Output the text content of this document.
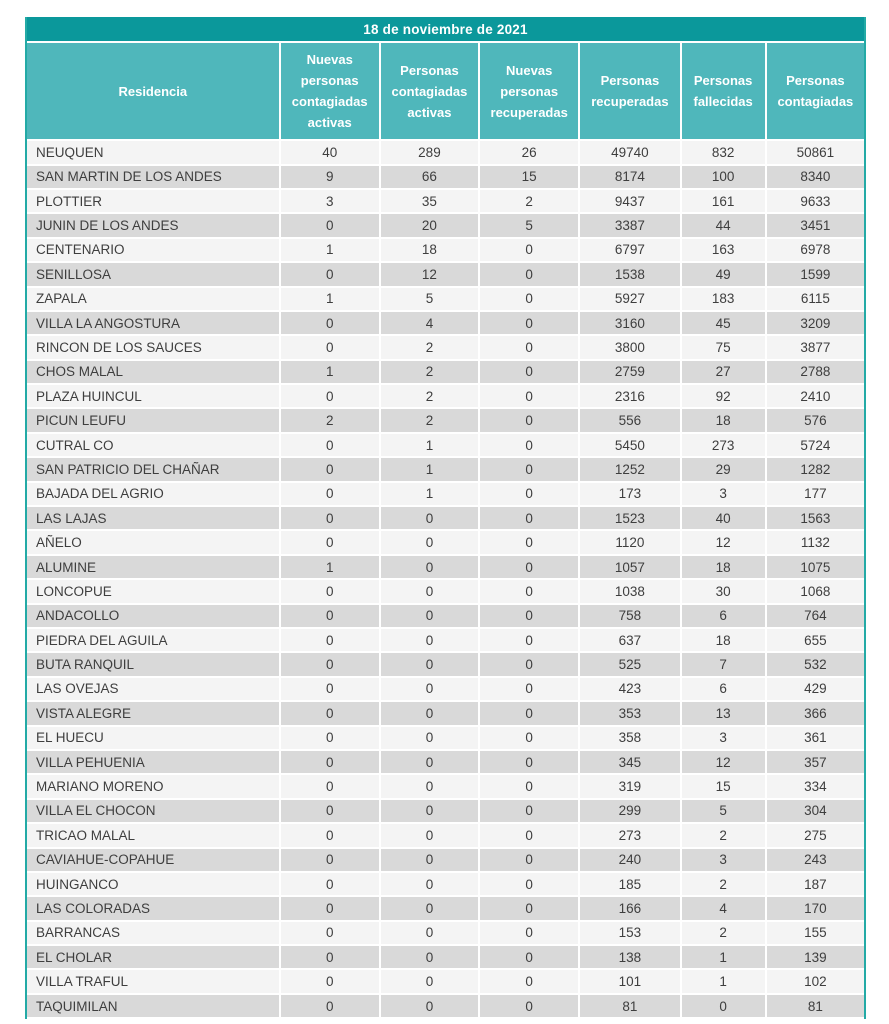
18 de noviembre de 2021
Residencia	Nuevas personas contagiadas activas	Personas contagiadas activas	Nuevas personas recuperadas	Personas recuperadas	Personas fallecidas	Personas contagiadas
NEUQUEN	40	289	26	49740	832	50861
SAN MARTIN DE LOS ANDES	9	66	15	8174	100	8340
PLOTTIER	3	35	2	9437	161	9633
JUNIN DE LOS ANDES	0	20	5	3387	44	3451
CENTENARIO	1	18	0	6797	163	6978
SENILLOSA	0	12	0	1538	49	1599
ZAPALA	1	5	0	5927	183	6115
VILLA LA ANGOSTURA	0	4	0	3160	45	3209
RINCON DE LOS SAUCES	0	2	0	3800	75	3877
CHOS MALAL	1	2	0	2759	27	2788
PLAZA HUINCUL	0	2	0	2316	92	2410
PICUN LEUFU	2	2	0	556	18	576
CUTRAL CO	0	1	0	5450	273	5724
SAN PATRICIO DEL CHAÑAR	0	1	0	1252	29	1282
BAJADA DEL AGRIO	0	1	0	173	3	177
LAS LAJAS	0	0	0	1523	40	1563
AÑELO	0	0	0	1120	12	1132
ALUMINE	1	0	0	1057	18	1075
LONCOPUE	0	0	0	1038	30	1068
ANDACOLLO	0	0	0	758	6	764
PIEDRA DEL AGUILA	0	0	0	637	18	655
BUTA RANQUIL	0	0	0	525	7	532
LAS OVEJAS	0	0	0	423	6	429
VISTA ALEGRE	0	0	0	353	13	366
EL HUECU	0	0	0	358	3	361
VILLA PEHUENIA	0	0	0	345	12	357
MARIANO MORENO	0	0	0	319	15	334
VILLA EL CHOCON	0	0	0	299	5	304
TRICAO MALAL	0	0	0	273	2	275
CAVIAHUE-COPAHUE	0	0	0	240	3	243
HUINGANCO	0	0	0	185	2	187
LAS COLORADAS	0	0	0	166	4	170
BARRANCAS	0	0	0	153	2	155
EL CHOLAR	0	0	0	138	1	139
VILLA TRAFUL	0	0	0	101	1	102
TAQUIMILAN	0	0	0	81	0	81
